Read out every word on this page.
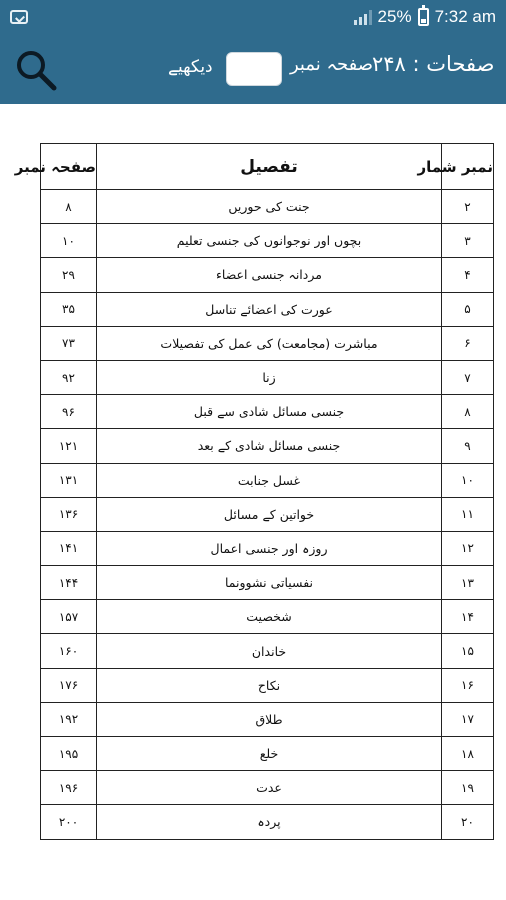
25% 7:32 am
دیکھیے	صفحہ نمبر
صفحات : ۲۴۸
نمبر شمار	تفصیل	صفحہ نمبر
۲	جنت کی حوریں	۸
۳	بچوں اور نوجوانوں کی جنسی تعلیم	۱۰
۴	مردانہ جنسی اعضاء	۲۹
۵	عورت کی اعضائے تناسل	۳۵
۶	مباشرت (مجامعت) کی عمل کی تفصیلات	۷۳
۷	زنا	۹۲
۸	جنسی مسائل شادی سے قبل	۹۶
۹	جنسی مسائل شادی کے بعد	۱۲۱
۱۰	غسل جنابت	۱۳۱
۱۱	خواتین کے مسائل	۱۳۶
۱۲	روزہ اور جنسی اعمال	۱۴۱
۱۳	نفسیاتی نشوونما	۱۴۴
۱۴	شخصیت	۱۵۷
۱۵	خاندان	۱۶۰
۱۶	نکاح	۱۷۶
۱۷	طلاق	۱۹۲
۱۸	خلع	۱۹۵
۱۹	عدت	۱۹۶
۲۰	پردہ	۲۰۰
